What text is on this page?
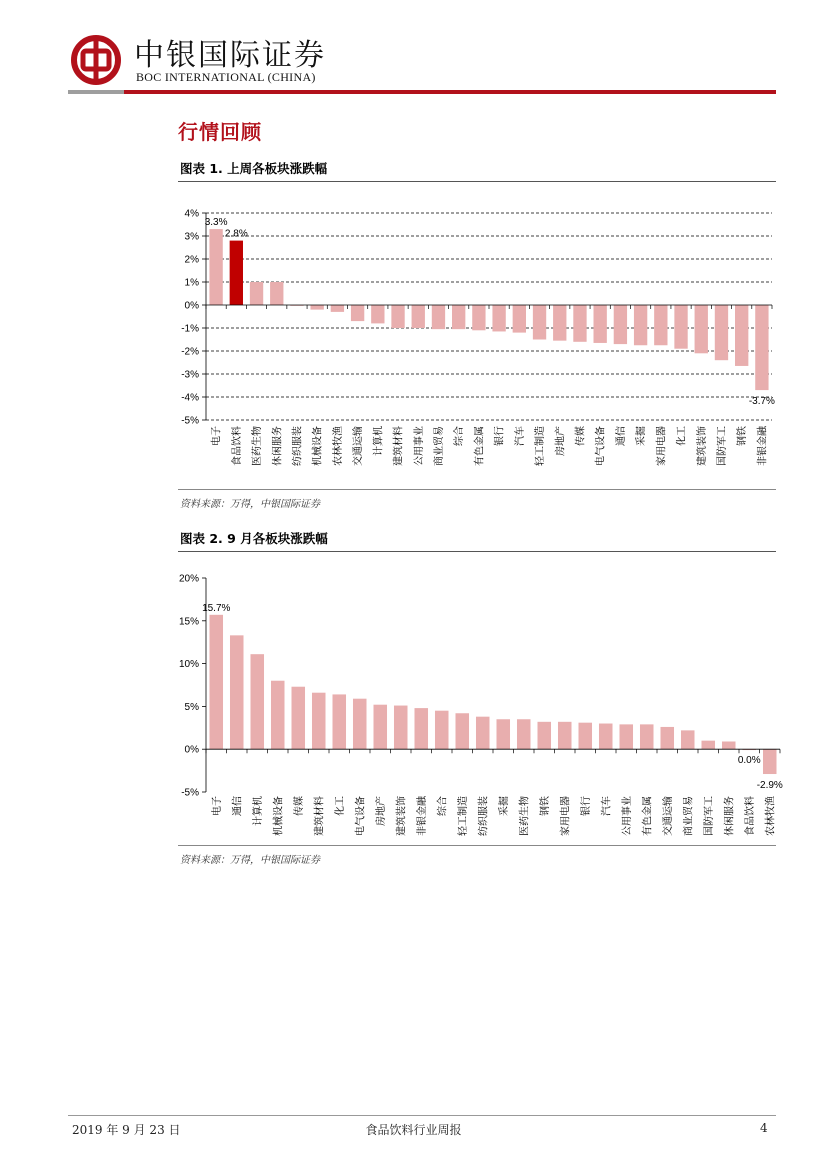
中银国际证券
BOC INTERNATIONAL (CHINA)
行情回顾
图表 1. 上周各板块涨跌幅
4%
3%
2%
1%
0%
-1%
-2%
-3%
-4%
-5%
电子 食品饮料 医药生物 休闲服务 纺织服装 机械设备 农林牧渔 交通运输 计算机 建筑材料 公用事业 商业贸易 综合 有色金属 银行 汽车 轻工制造 房地产 传媒 电气设备 通信 采掘 家用电器 化工 建筑装饰 国防军工 钢铁 非银金融
3.3%
2.8%
-3.7%
资料来源：万得，中银国际证券
图表 2. 9 月各板块涨跌幅
20%
15%
10%
5%
0%
-5%
电子 通信 计算机 机械设备 传媒 建筑材料 化工 电气设备 房地产 建筑装饰 非银金融 综合 轻工制造 纺织服装 采掘 医药生物 钢铁 家用电器 银行 汽车 公用事业 有色金属 交通运输 商业贸易 国防军工 休闲服务 食品饮料 农林牧渔
15.7%
0.0%
-2.9%
资料来源：万得，中银国际证券
2019 年 9 月 23 日	食品饮料行业周报	4
